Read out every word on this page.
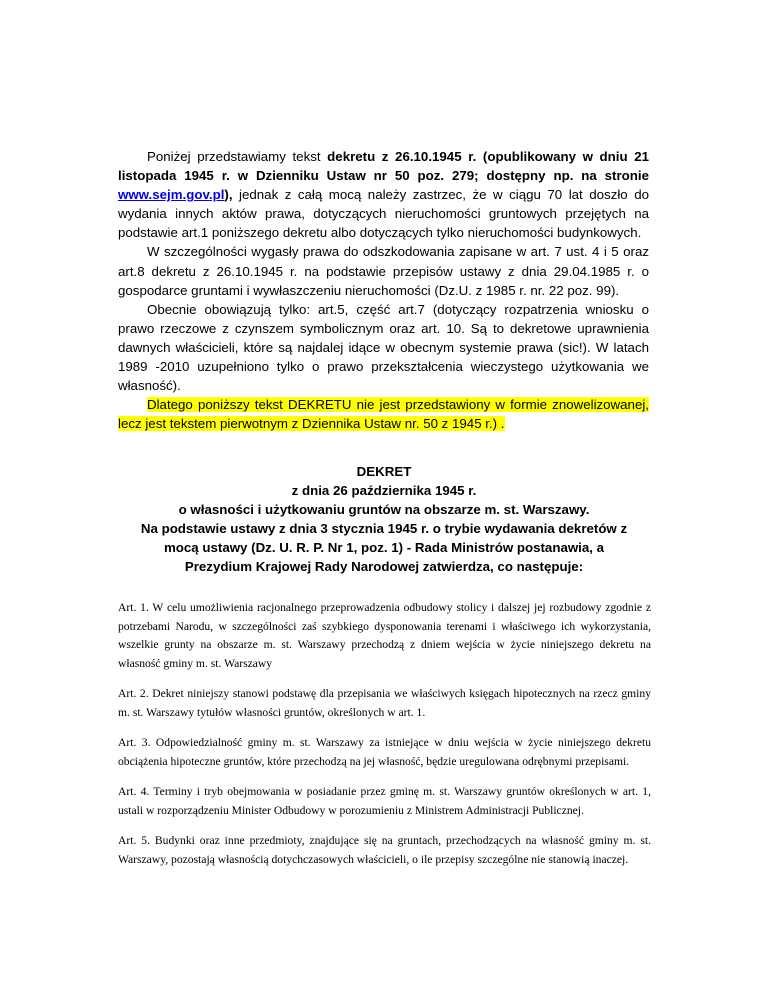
Poniżej przedstawiamy tekst dekretu z 26.10.1945 r. (opublikowany w dniu 21 listopada 1945 r. w Dzienniku Ustaw nr 50 poz. 279; dostępny np. na stronie www.sejm.gov.pl), jednak z całą mocą należy zastrzec, że w ciągu 70 lat doszło do wydania innych aktów prawa, dotyczących nieruchomości gruntowych przejętych na podstawie art.1 poniższego dekretu albo dotyczących tylko nieruchomości budynkowych.

W szczególności wygasły prawa do odszkodowania zapisane w art. 7 ust. 4 i 5 oraz art.8 dekretu z 26.10.1945 r. na podstawie przepisów ustawy z dnia 29.04.1985 r. o gospodarce gruntami i wywłaszczeniu nieruchomości (Dz.U. z 1985 r. nr. 22 poz. 99).

Obecnie obowiązują tylko: art.5, część art.7 (dotyczący rozpatrzenia wniosku o prawo rzeczowe z czynszem symbolicznym oraz art. 10. Są to dekretowe uprawnienia dawnych właścicieli, które są najdalej idące w obecnym systemie prawa (sic!). W latach 1989 -2010 uzupełniono tylko o prawo przekształcenia wieczystego użytkowania we własność).

Dlatego poniższy tekst DEKRETU nie jest przedstawiony w formie znowelizowanej, lecz jest tekstem pierwotnym z Dziennika Ustaw nr. 50 z 1945 r.) .

DEKRET
z dnia 26 października 1945 r.
o własności i użytkowaniu gruntów na obszarze m. st. Warszawy.
Na podstawie ustawy z dnia 3 stycznia 1945 r. o trybie wydawania dekretów z
mocą ustawy (Dz. U. R. P. Nr 1, poz. 1) - Rada Ministrów postanawia, a
Prezydium Krajowej Rady Narodowej zatwierdza, co następuje:

Art. 1. W celu umożliwienia racjonalnego przeprowadzenia odbudowy stolicy i dalszej jej rozbudowy zgodnie z potrzebami Narodu, w szczególności zaś szybkiego dysponowania terenami i właściwego ich wykorzystania, wszelkie grunty na obszarze m. st. Warszawy przechodzą z dniem wejścia w życie niniejszego dekretu na własność gminy m. st. Warszawy

Art. 2. Dekret niniejszy stanowi podstawę dla przepisania we właściwych księgach hipotecznych na rzecz gminy m. st. Warszawy tytułów własności gruntów, określonych w art. 1.

Art. 3. Odpowiedzialność gminy m. st. Warszawy za istniejące w dniu wejścia w życie niniejszego dekretu obciążenia hipoteczne gruntów, które przechodzą na jej własność, będzie uregulowana odrębnymi przepisami.

Art. 4. Terminy i tryb obejmowania w posiadanie przez gminę m. st. Warszawy gruntów określonych w art. 1, ustali w rozporządzeniu Minister Odbudowy w porozumieniu z Ministrem Administracji Publicznej.

Art. 5. Budynki oraz inne przedmioty, znajdujące się na gruntach, przechodzących na własność gminy m. st. Warszawy, pozostają własnością dotychczasowych właścicieli, o ile przepisy szczególne nie stanowią inaczej.
